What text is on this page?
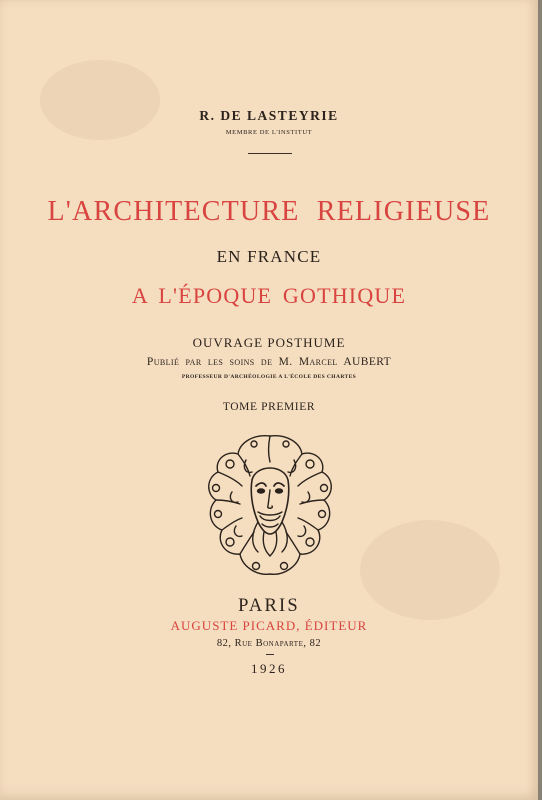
R. DE LASTEYRIE
MEMBRE DE L'INSTITUT
L'ARCHITECTURE RELIGIEUSE
EN FRANCE
A L'ÉPOQUE GOTHIQUE
OUVRAGE POSTHUME
Publié par les soins de M. Marcel AUBERT
PROFESSEUR D'ARCHÉOLOGIE A L'ÉCOLE DES CHARTES
TOME PREMIER
PARIS
AUGUSTE PICARD, ÉDITEUR
82, Rue Bonaparte, 82
1926
